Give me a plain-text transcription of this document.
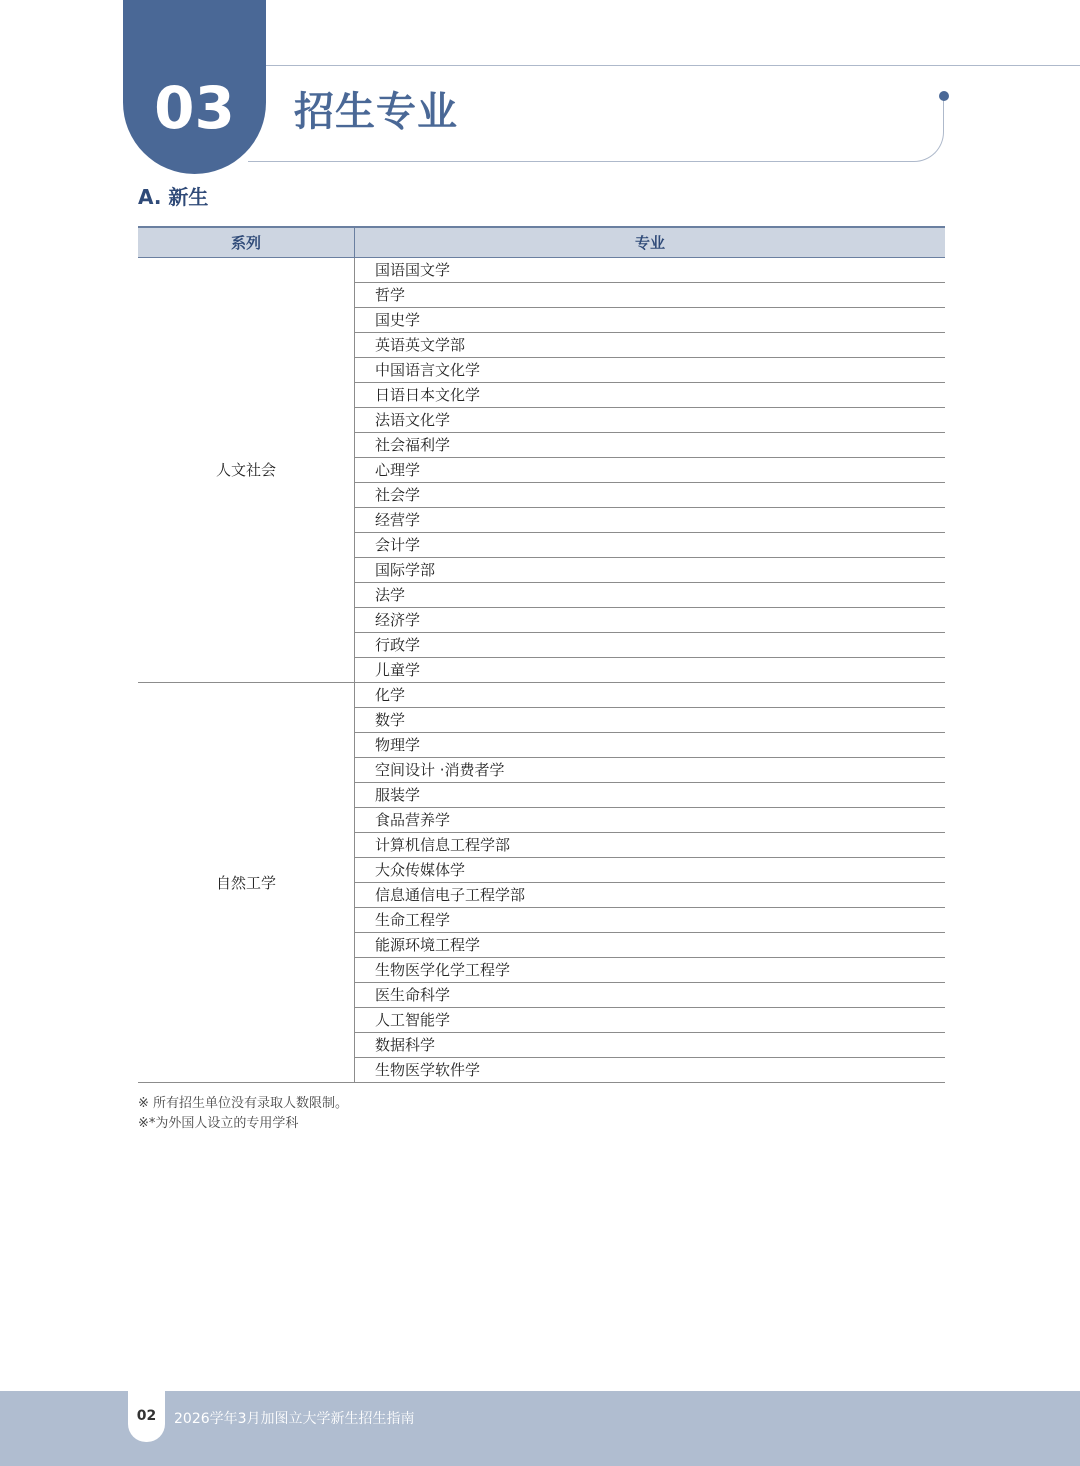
03	招生专业
A. 新生
系列	专业
人文社会	国语国文学
	哲学
	国史学
	英语英文学部
	中国语言文化学
	日语日本文化学
	法语文化学
	社会福利学
	心理学
	社会学
	经营学
	会计学
	国际学部
	法学
	经济学
	行政学
	儿童学
自然工学	化学
	数学
	物理学
	空间设计 ·消费者学
	服装学
	食品营养学
	计算机信息工程学部
	大众传媒体学
	信息通信电子工程学部
	生命工程学
	能源环境工程学
	生物医学化学工程学
	医生命科学
	人工智能学
	数据科学
	生物医学软件学
※ 所有招生单位没有录取人数限制。
※*为外国人设立的专用学科
02	2026学年3月加图立大学新生招生指南
